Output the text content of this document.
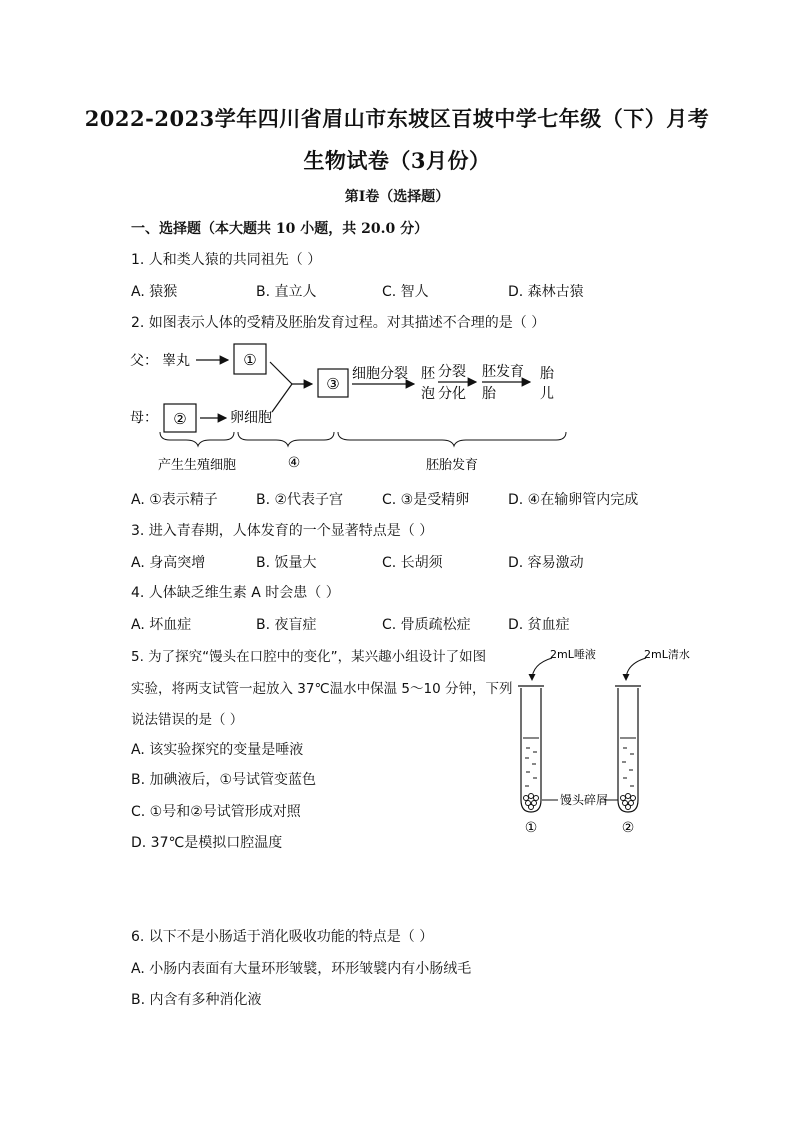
2022-2023学年四川省眉山市东坡区百坡中学七年级（下）月考
生物试卷（3月份）
第Ⅰ卷（选择题）
一、选择题（本大题共 10 小题，共 20.0 分）
1. 人和类人猿的共同祖先（ ）
A. 猿猴	B. 直立人	C. 智人	D. 森林古猿
2. 如图表示人体的受精及胚胎发育过程。对其描述不合理的是（ ）
父： 睾丸	①
母： ②	卵细胞
③
细胞分裂 胚
泡
分裂
分化
胚发育
胎
胎
儿
产生生殖细胞	④	胚胎发育
A. ①表示精子	B. ②代表子宫	C. ③是受精卵	D. ④在输卵管内完成
3. 进入青春期，人体发育的一个显著特点是（ ）
A. 身高突增	B. 饭量大	C. 长胡须	D. 容易激动
4. 人体缺乏维生素 A 时会患（ ）
A. 坏血症	B. 夜盲症	C. 骨质疏松症	D. 贫血症
5. 为了探究“馒头在口腔中的变化”，某兴趣小组设计了如图
实验，将两支试管一起放入 37℃温水中保温 5～10 分钟，下列
说法错误的是（ ）
A. 该实验探究的变量是唾液
B. 加碘液后，①号试管变蓝色
C. ①号和②号试管形成对照
D. 37℃是模拟口腔温度
2mL唾液	2mL清水
馒头碎屑
①	②
6. 以下不是小肠适于消化吸收功能的特点是（ ）
A. 小肠内表面有大量环形皱襞，环形皱襞内有小肠绒毛
B. 内含有多种消化液
